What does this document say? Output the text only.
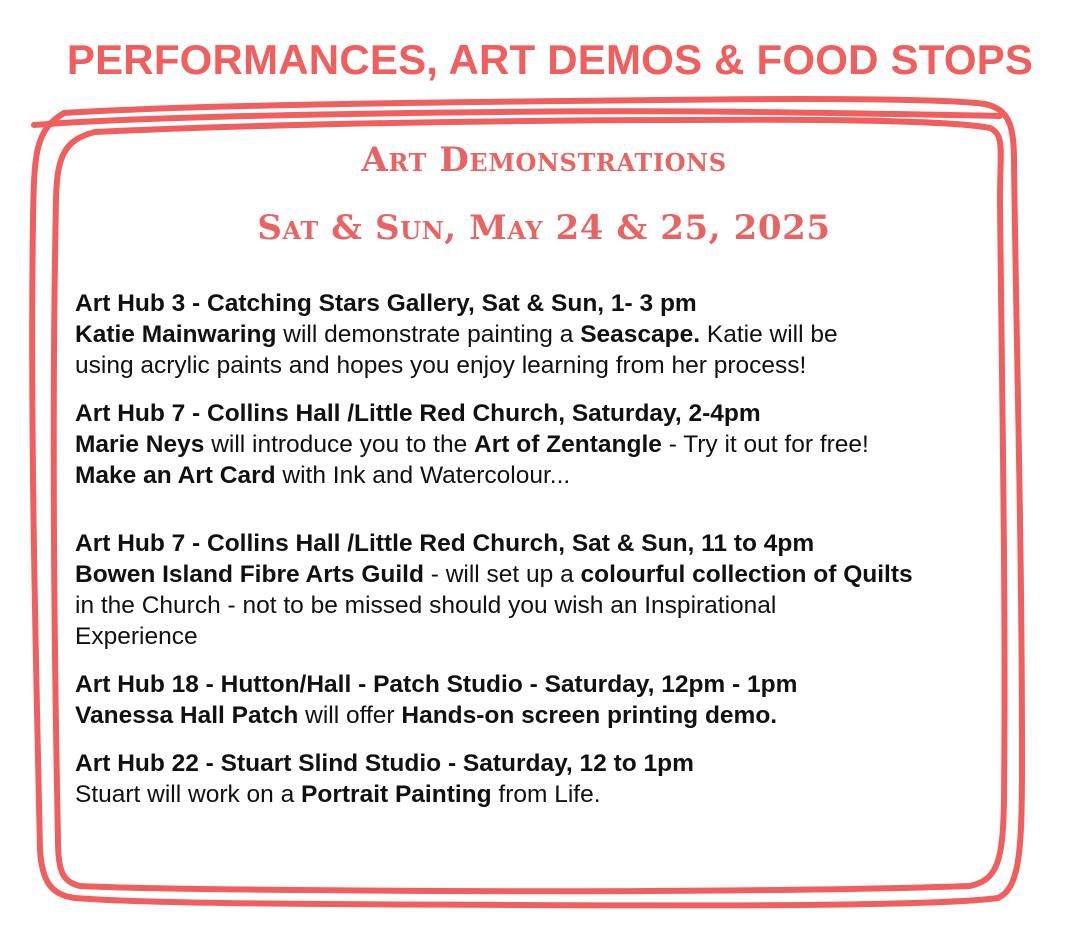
PERFORMANCES, ART DEMOS & FOOD STOPS
Art Demonstrations
Sat & Sun, May 24 & 25, 2025

Art Hub 3 - Catching Stars Gallery, Sat & Sun, 1- 3 pm

Katie Mainwaring will demonstrate painting a Seascape. Katie will be

using acrylic paints and hopes you enjoy learning from her process!

Art Hub 7 - Collins Hall /Little Red Church, Saturday, 2-4pm

Marie Neys will introduce you to the Art of Zentangle - Try it out for free!

Make an Art Card with Ink and Watercolour...

Art Hub 7 - Collins Hall /Little Red Church, Sat & Sun, 11 to 4pm

Bowen Island Fibre Arts Guild - will set up a colourful collection of Quilts

in the Church - not to be missed should you wish an Inspirational Experience

Art Hub 18 - Hutton/Hall - Patch Studio - Saturday, 12pm - 1pm

Vanessa Hall Patch will offer Hands-on screen printing demo.

Art Hub 22 - Stuart Slind Studio - Saturday, 12 to 1pm

Stuart will work on a Portrait Painting from Life.
